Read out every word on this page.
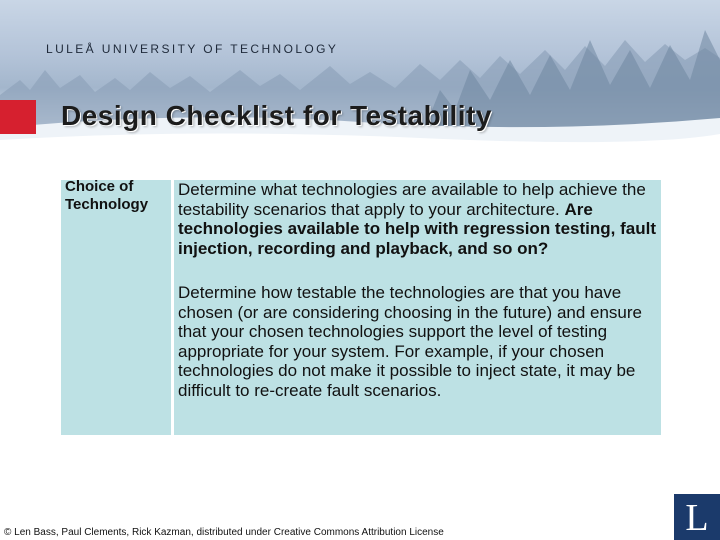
LULEÅ UNIVERSITY OF TECHNOLOGY
Design Checklist for Testability
Choice of Technology
Determine what technologies are available to help achieve the testability scenarios that apply to your architecture. Are technologies available to help with regression testing, fault injection, recording and playback, and so on?
Determine how testable the technologies are that you have chosen (or are considering choosing in the future) and ensure that your chosen technologies support the level of testing appropriate for your system. For example, if your chosen technologies do not make it possible to inject state, it may be difficult to re-create fault scenarios.
© Len Bass, Paul Clements, Rick Kazman, distributed under Creative Commons Attribution License	L
